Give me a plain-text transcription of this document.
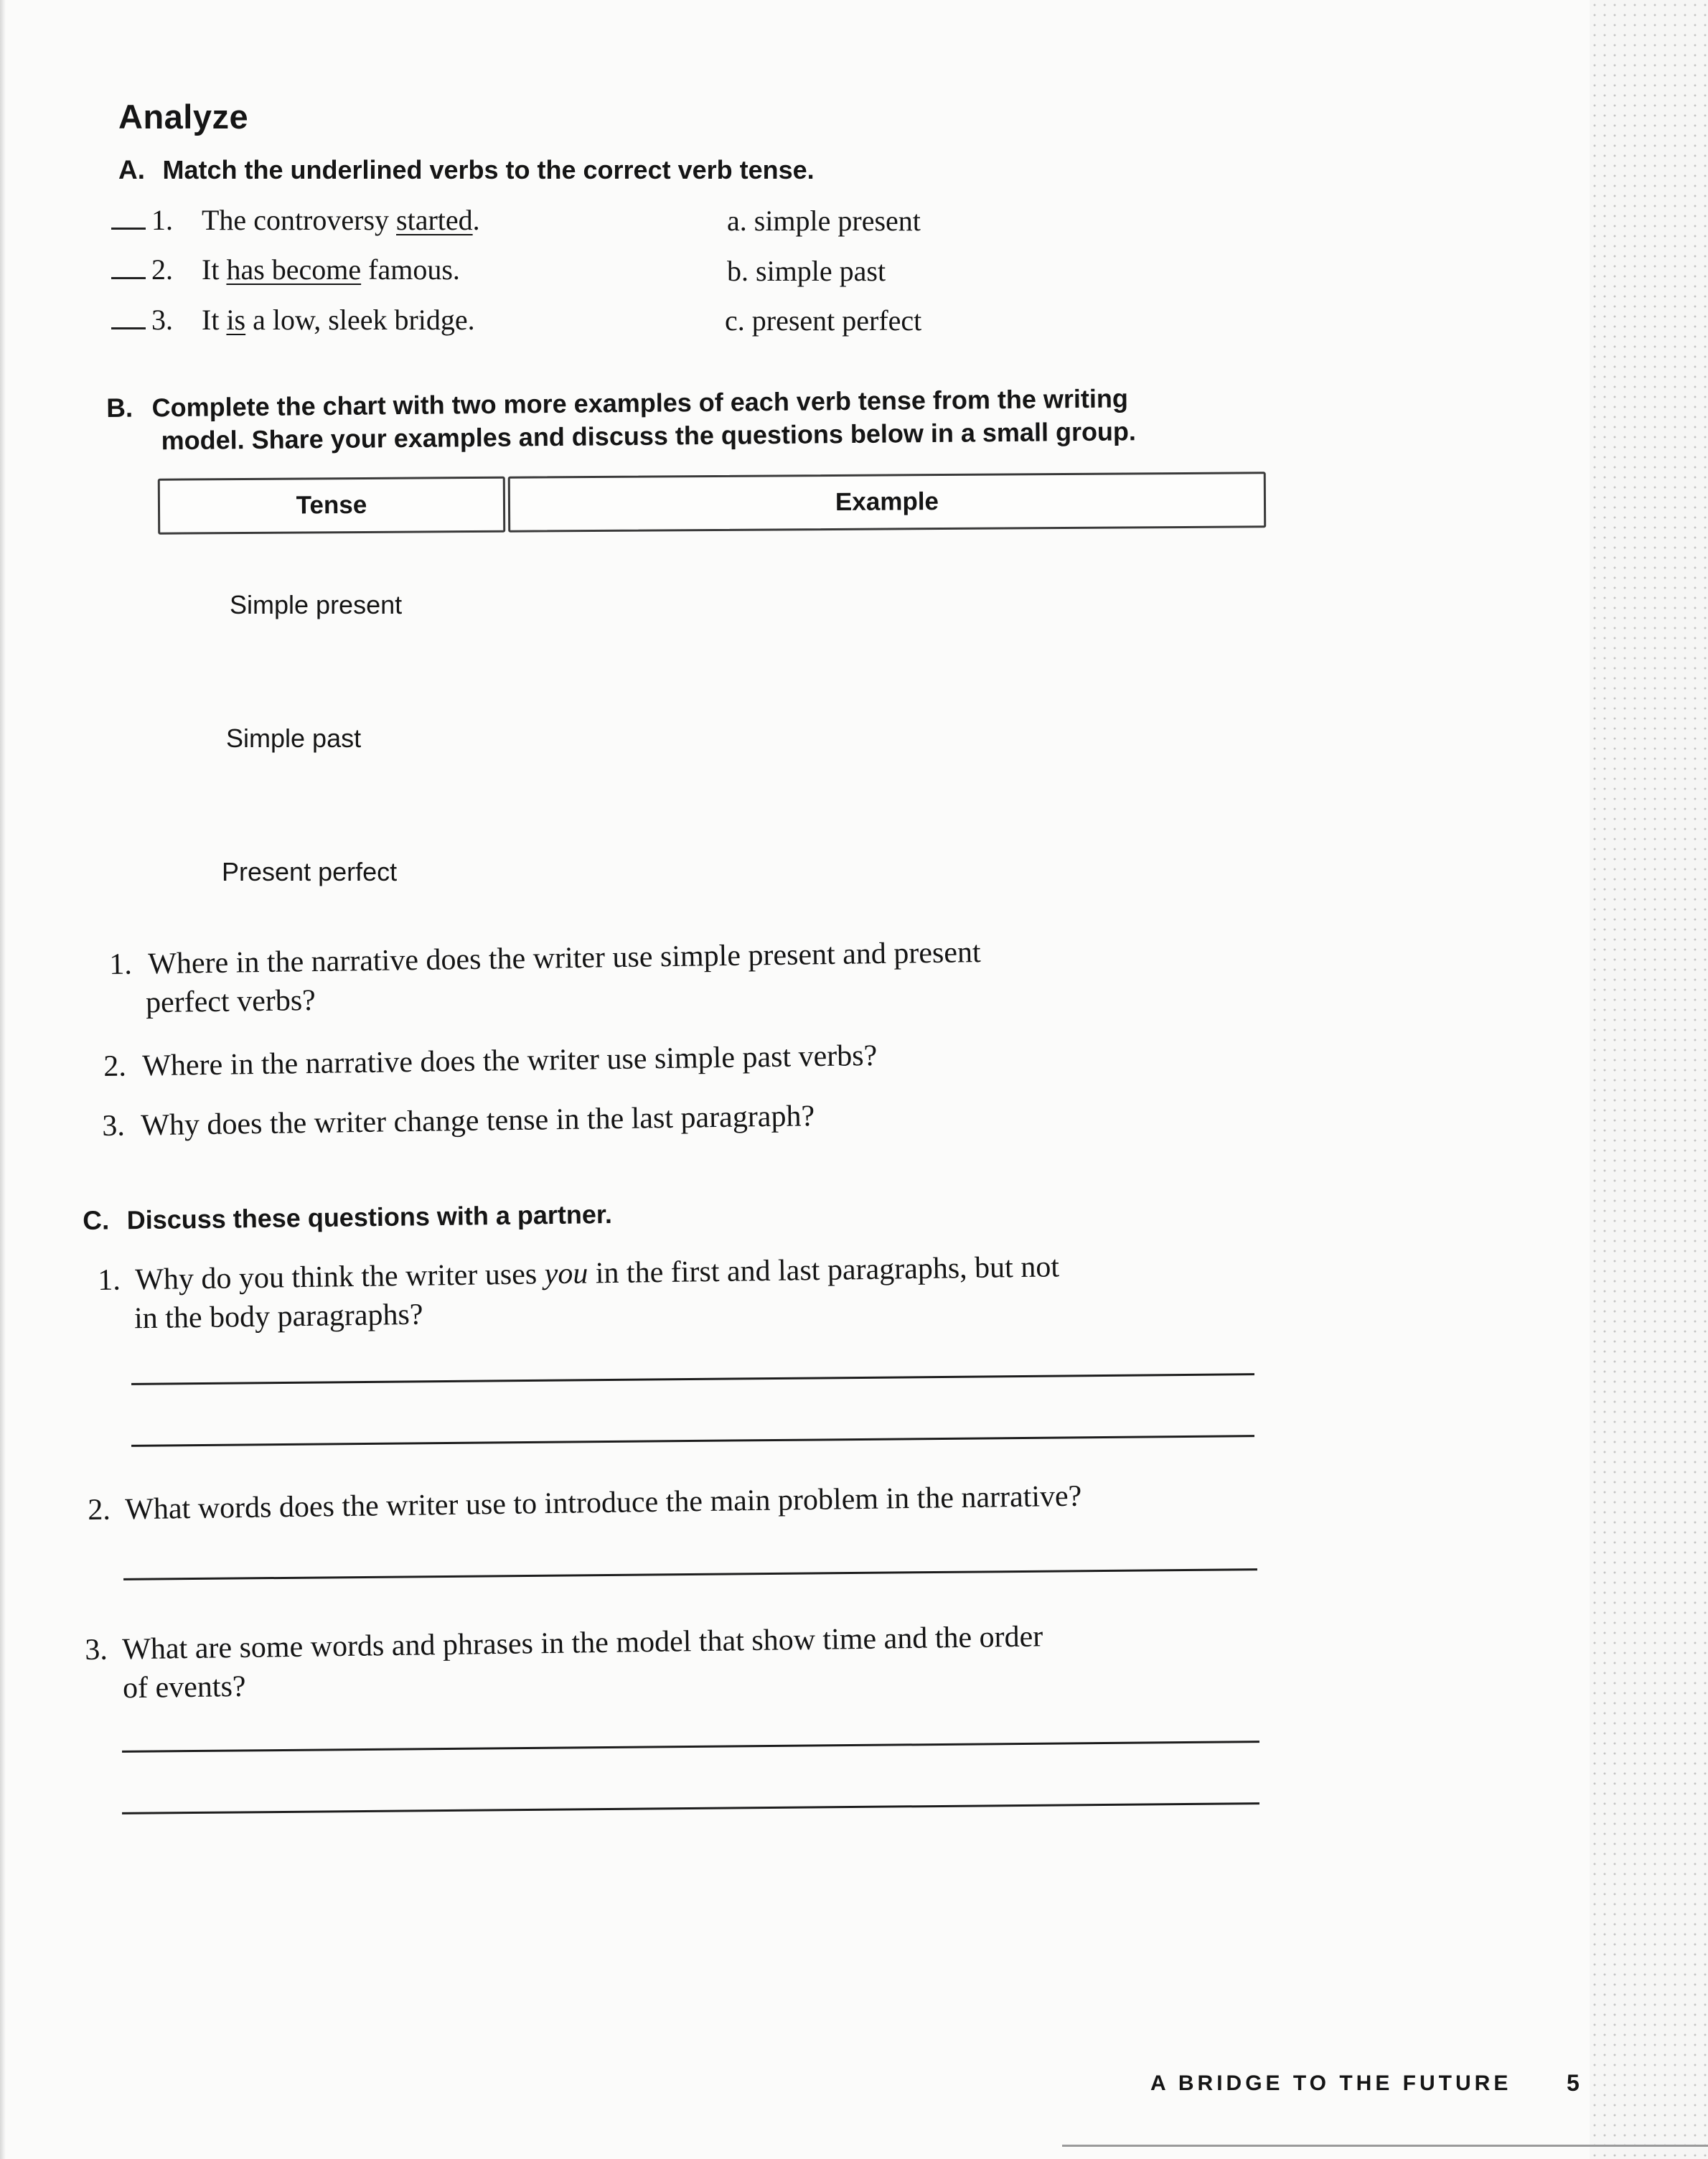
Analyze
A. Match the underlined verbs to the correct verb tense.
1. The controversy started.
2. It has become famous.
3. It is a low, sleek bridge.
a. simple present
b. simple past
c. present perfect
B. Complete the chart with two more examples of each verb tense from the writing
model. Share your examples and discuss the questions below in a small group.
Tense	Example
Simple present
Simple past
Present perfect
1. Where in the narrative does the writer use simple present and present
perfect verbs?
2. Where in the narrative does the writer use simple past verbs?
3. Why does the writer change tense in the last paragraph?
C. Discuss these questions with a partner.
1. Why do you think the writer uses you in the first and last paragraphs, but not
in the body paragraphs?
2. What words does the writer use to introduce the main problem in the narrative?
3. What are some words and phrases in the model that show time and the order
of events?
A BRIDGE TO THE FUTURE 5
